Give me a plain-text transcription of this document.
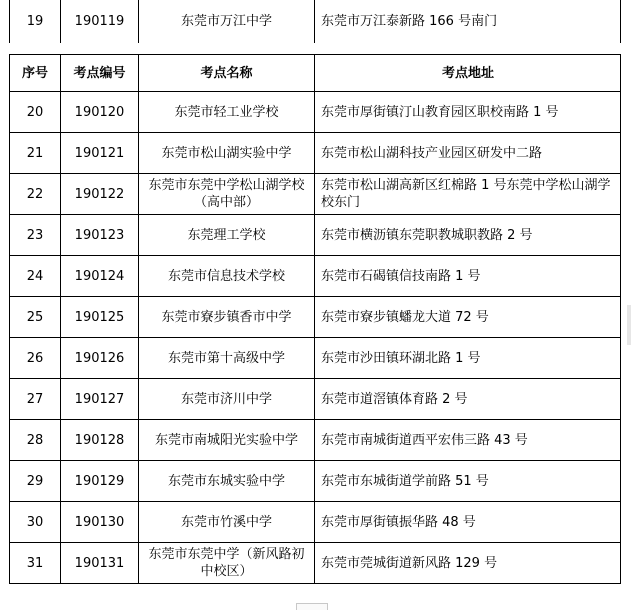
19	190119	东莞市万江中学	东莞市万江泰新路 166 号南门
序号	考点编号	考点名称	考点地址
20	190120	东莞市轻工业学校	东莞市厚街镇汀山教育园区职校南路 1 号
21	190121	东莞市松山湖实验中学	东莞市松山湖科技产业园区研发中二路
22	190122	东莞市东莞中学松山湖学校（高中部）	东莞市松山湖高新区红棉路 1 号东莞中学松山湖学校东门
23	190123	东莞理工学校	东莞市横沥镇东莞职教城职教路 2 号
24	190124	东莞市信息技术学校	东莞市石碣镇信技南路 1 号
25	190125	东莞市寮步镇香市中学	东莞市寮步镇蟠龙大道 72 号
26	190126	东莞市第十高级中学	东莞市沙田镇环湖北路 1 号
27	190127	东莞市济川中学	东莞市道滘镇体育路 2 号
28	190128	东莞市南城阳光实验中学	东莞市南城街道西平宏伟三路 43 号
29	190129	东莞市东城实验中学	东莞市东城街道学前路 51 号
30	190130	东莞市竹溪中学	东莞市厚街镇振华路 48 号
31	190131	东莞市东莞中学（新风路初中校区）	东莞市莞城街道新风路 129 号
